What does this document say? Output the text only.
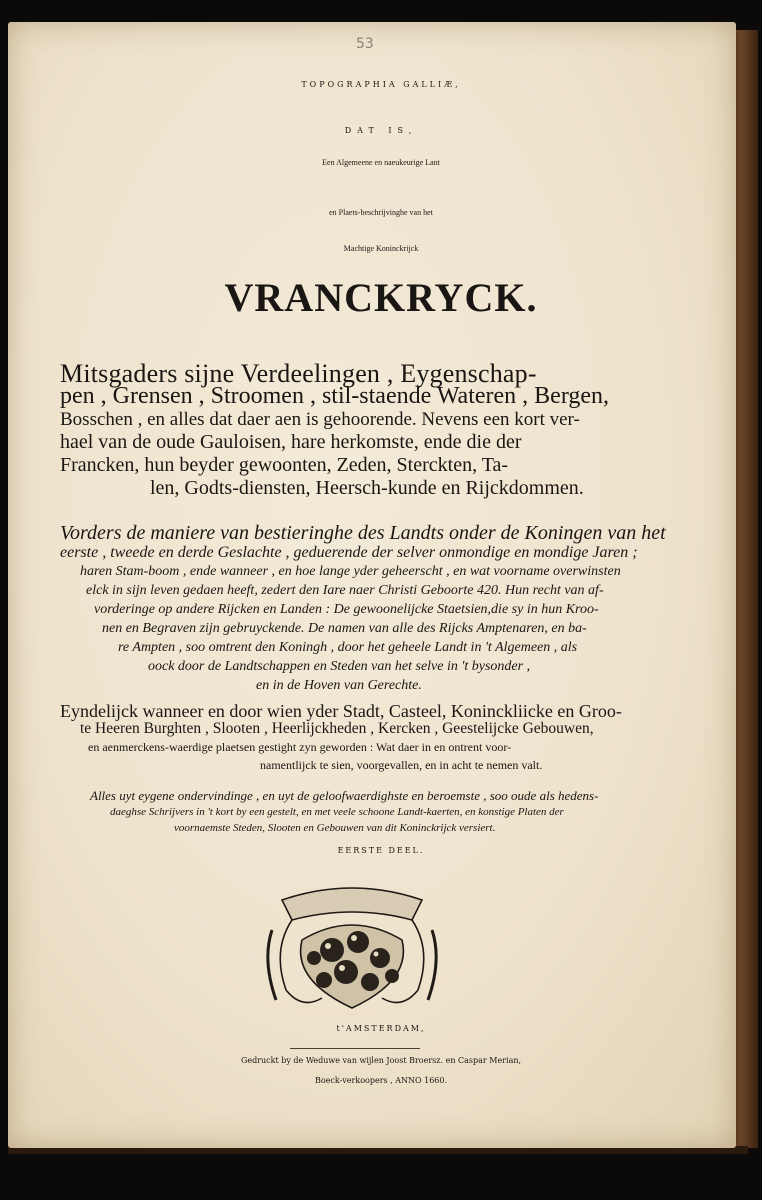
53
TOPOGRAPHIA GALLIÆ,
DAT IS,
Een Algemeene en naeukeurige Lant
en Plaets-beschrijvinghe van het
Machtige Koninckrijck
VRANCKRYCK.
Mitsgaders sijne Verdeelingen , Eygenschap-
pen , Grensen , Stroomen , stil-staende Wateren , Bergen,
Bosschen , en alles dat daer aen is gehoorende. Nevens een kort ver-
hael van de oude Gauloisen, hare herkomste, ende die der
Francken, hun beyder gewoonten, Zeden, Sterckten, Ta-
len, Godts-diensten, Heersch-kunde en Rijckdommen.
Vorders de maniere van bestieringhe des Landts onder de Koningen van het
eerste , tweede en derde Geslachte , geduerende der selver onmondige en mondige Jaren ;
haren Stam-boom , ende wanneer , en hoe lange yder geheerscht , en wat voorname overwinsten
elck in sijn leven gedaen heeft, zedert den Iare naer Christi Geboorte 420. Hun recht van af-
vorderinge op andere Rijcken en Landen : De gewoonelijcke Staetsien,die sy in hun Kroo-
nen en Begraven zijn gebruyckende. De namen van alle des Rijcks Amptenaren, en ba-
re Ampten , soo omtrent den Koningh , door het geheele Landt in 't Algemeen , als
oock door de Landtschappen en Steden van het selve in 't bysonder ,
en in de Hoven van Gerechte.
Eyndelijck wanneer en door wien yder Stadt, Casteel, Koninckliicke en Groo-
te Heeren Burghten , Slooten , Heerlijckheden , Kercken , Geestelijcke Gebouwen,
en aenmerckens-waerdige plaetsen gestight zyn geworden : Wat daer in en ontrent voor-
namentlijck te sien, voorgevallen, en in acht te nemen valt.
Alles uyt eygene ondervindinge , en uyt de geloofwaerdighste en beroemste , soo oude als hedens-
daeghse Schrijvers in 't kort by een gestelt, en met veele schoone Landt-kaerten, en konstige Platen der
voornaemste Steden, Slooten en Gebouwen van dit Koninckrijck versiert.
EERSTE DEEL.
t'AMSTERDAM,
Gedruckt by de Weduwe van wijlen Joost Broersz. en Caspar Merian,
Boeck-verkoopers , ANNO 1660.
